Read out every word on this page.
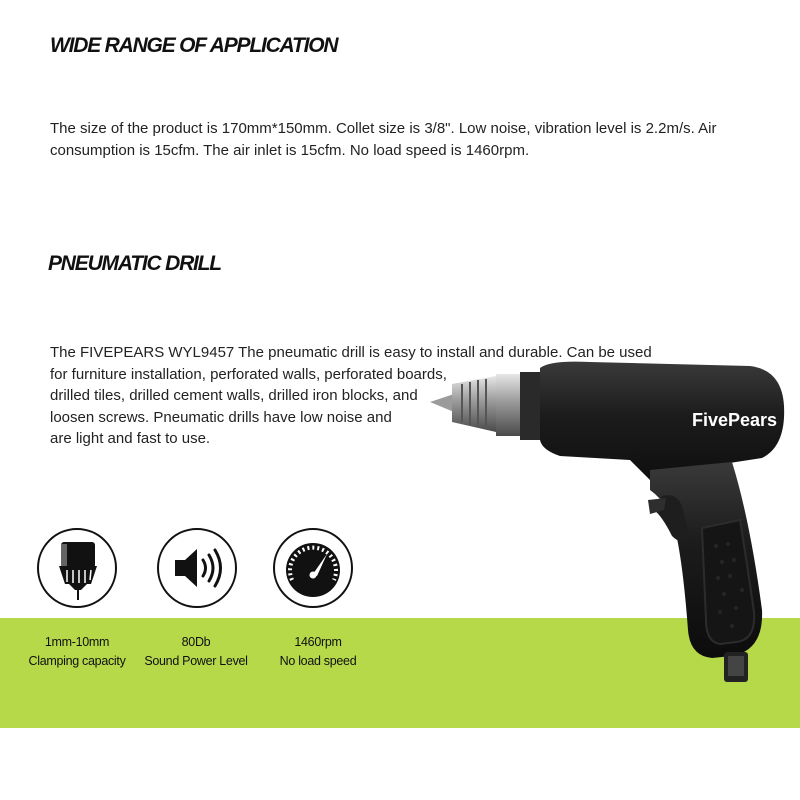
WIDE RANGE OF APPLICATION

The size of the product is 170mm*150mm. Collet size is 3/8". Low noise, vibration level is 2.2m/s. Air consumption is 15cfm. The air inlet is 15cfm. No load speed is 1460rpm.

PNEUMATIC DRILL

The FIVEPEARS WYL9457 The pneumatic drill is easy to install and durable. Can be used
for furniture installation, perforated walls, perforated boards,
drilled tiles, drilled cement walls, drilled iron blocks, and
loosen screws. Pneumatic drills have low noise and
are light and fast to use.

1mm-10mm
Clamping capacity
80Db
Sound Power Level
1460rpm
No load speed
FivePears
